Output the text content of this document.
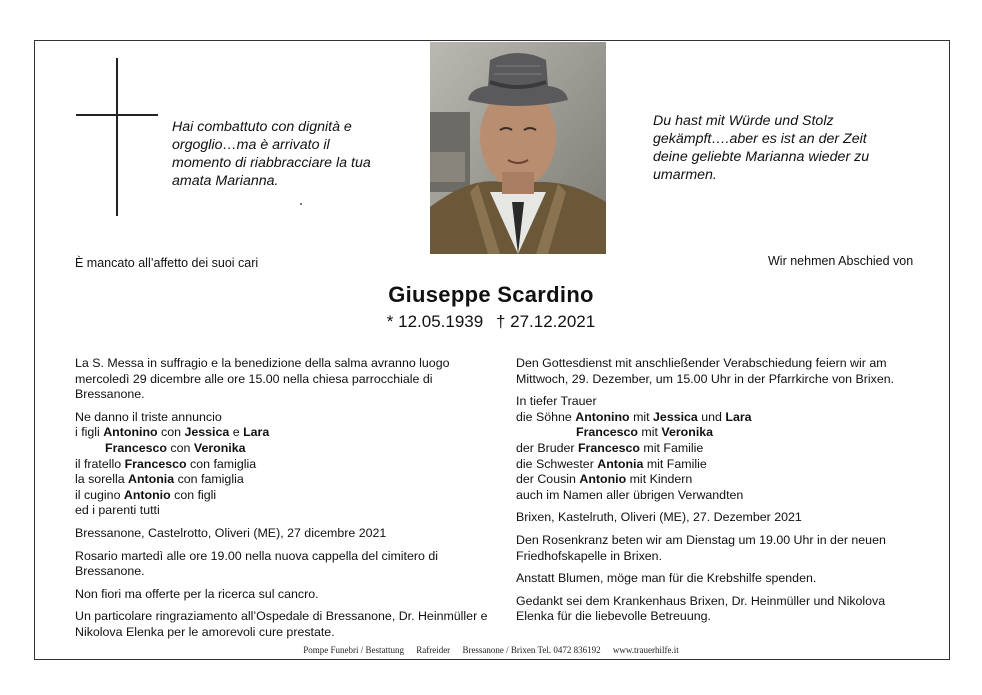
Hai combattuto con dignità e orgoglio…ma è arrivato il momento di riabbracciare la tua amata Marianna.
Du hast mit Würde und Stolz gekämpft….aber es ist an der Zeit deine geliebte Marianna wieder zu umarmen.
È mancato all’affetto dei suoi cari	Wir nehmen Abschied von
Giuseppe Scardino
* 12.05.1939 † 27.12.2021

La S. Messa in suffragio e la benedizione della salma avranno luogo mercoledì 29 dicembre alle ore 15.00 nella chiesa parrocchiale di Bressanone.

Ne danno il triste annuncio

i figli Antonino con Jessica e Lara

Francesco con Veronika

il fratello Francesco con famiglia

la sorella Antonia con famiglia

il cugino Antonio con figli

ed i parenti tutti

Bressanone, Castelrotto, Oliveri (ME), 27 dicembre 2021

Rosario martedì alle ore 19.00 nella nuova cappella del cimitero di Bressanone.

Non fiori ma offerte per la ricerca sul cancro.

Un particolare ringraziamento all’Ospedale di Bressanone, Dr. Heinmüller e Nikolova Elenka per le amorevoli cure prestate.

Den Gottesdienst mit anschließender Verabschiedung feiern wir am Mittwoch, 29. Dezember, um 15.00 Uhr in der Pfarrkirche von Brixen.

In tiefer Trauer

die Söhne Antonino mit Jessica und Lara

Francesco mit Veronika

der Bruder Francesco mit Familie

die Schwester Antonia mit Familie

der Cousin Antonio mit Kindern

auch im Namen aller übrigen Verwandten

Brixen, Kastelruth, Oliveri (ME), 27. Dezember 2021

Den Rosenkranz beten wir am Dienstag um 19.00 Uhr in der neuen Friedhofskapelle in Brixen.

Anstatt Blumen, möge man für die Krebshilfe spenden.

Gedankt sei dem Krankenhaus Brixen, Dr. Heinmüller und Nikolova Elenka für die liebevolle Betreuung.

Pompe Funebri / Bestattung Rafreider Bressanone / Brixen Tel. 0472 836192 www.trauerhilfe.it
